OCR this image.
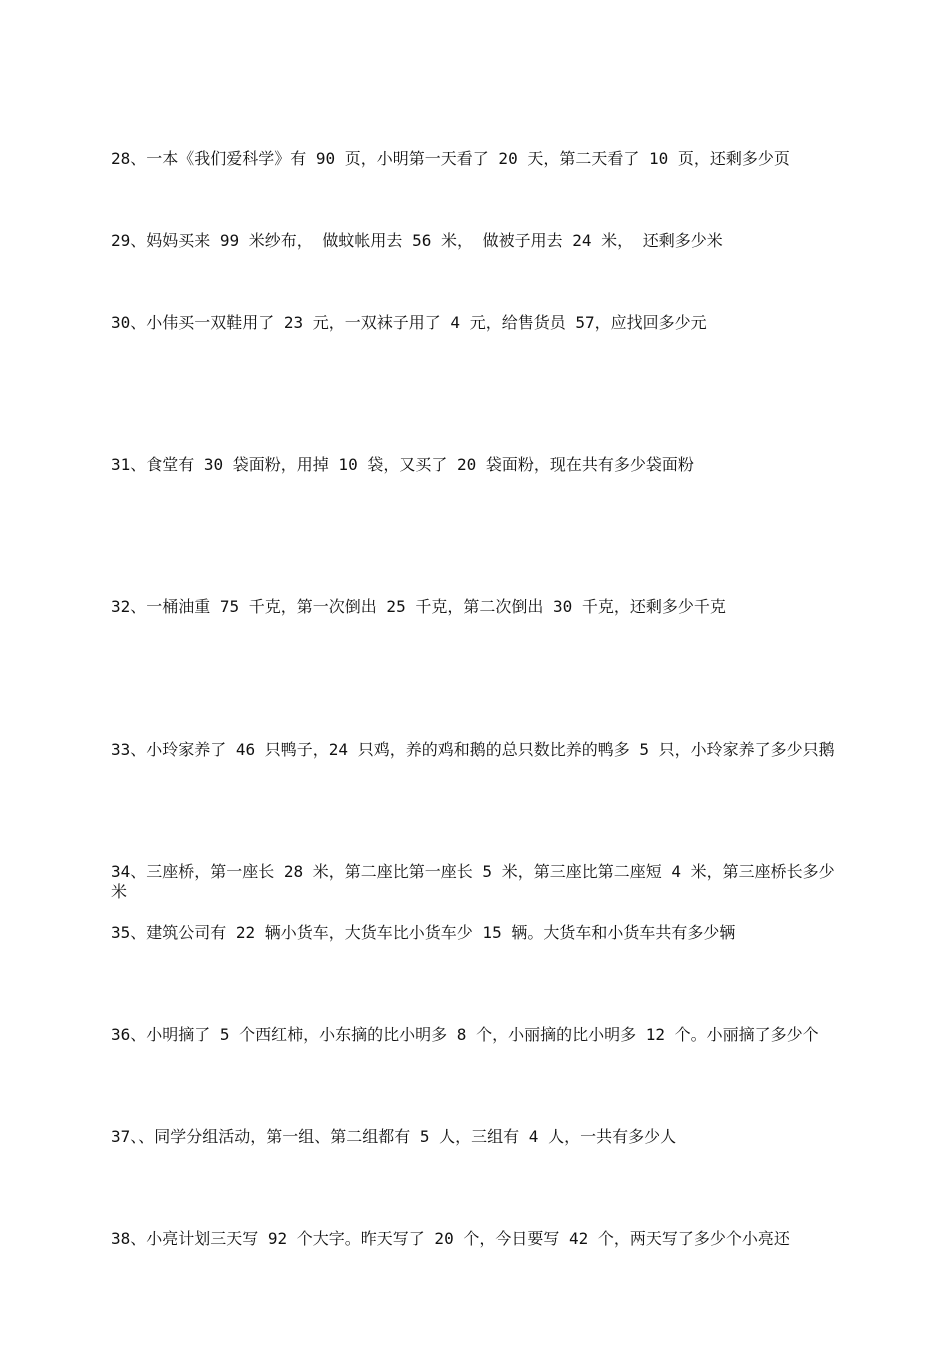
28、一本《我们爱科学》有 90 页，小明第一天看了 20 天，第二天看了 10 页，还剩多少页
29、妈妈买来 99 米纱布， 做蚊帐用去 56 米， 做被子用去 24 米， 还剩多少米
30、小伟买一双鞋用了 23 元，一双袜子用了 4 元，给售货员 57，应找回多少元
31、食堂有 30 袋面粉，用掉 10 袋，又买了 20 袋面粉，现在共有多少袋面粉
32、一桶油重 75 千克，第一次倒出 25 千克，第二次倒出 30 千克，还剩多少千克
33、小玲家养了 46 只鸭子，24 只鸡，养的鸡和鹅的总只数比养的鸭多 5 只，小玲家养了多少只鹅
34、三座桥，第一座长 28 米，第二座比第一座长 5 米，第三座比第二座短 4 米，第三座桥长多少米
35、建筑公司有 22 辆小货车，大货车比小货车少 15 辆。大货车和小货车共有多少辆
36、小明摘了 5 个西红柿，小东摘的比小明多 8 个，小丽摘的比小明多 12 个。小丽摘了多少个
37、、同学分组活动，第一组、第二组都有 5 人，三组有 4 人，一共有多少人
38、小亮计划三天写 92 个大字。昨天写了 20 个，今日要写 42 个，两天写了多少个小亮还
